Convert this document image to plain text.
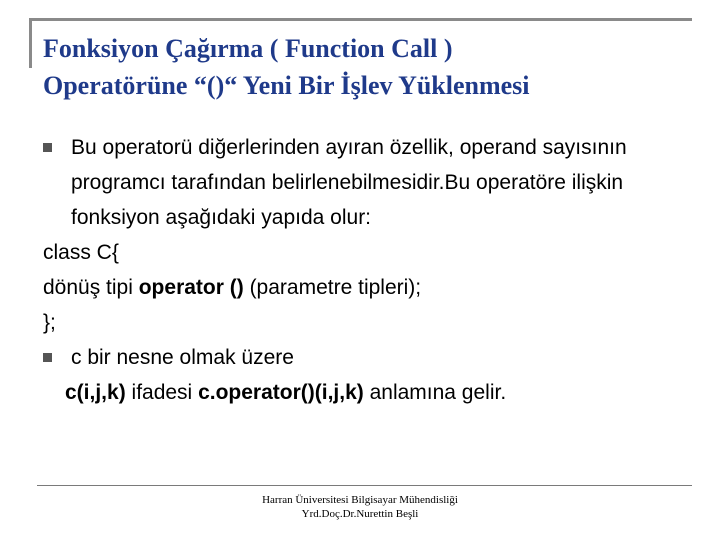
Fonksiyon Çağırma ( Function Call )
Operatörüne “()“ Yeni Bir İşlev Yüklenmesi
Bu operatorü diğerlerinden ayıran özellik, operand sayısının programcı tarafından belirlenebilmesidir.Bu operatöre ilişkin fonksiyon aşağıdaki yapıda olur:
class C{
dönüş tipi operator () (parametre tipleri);
};
c bir nesne olmak üzere
c(i,j,k) ifadesi c.operator()(i,j,k) anlamına gelir.
Harran Üniversitesi Bilgisayar Mühendisliği
Yrd.Doç.Dr.Nurettin Beşli
